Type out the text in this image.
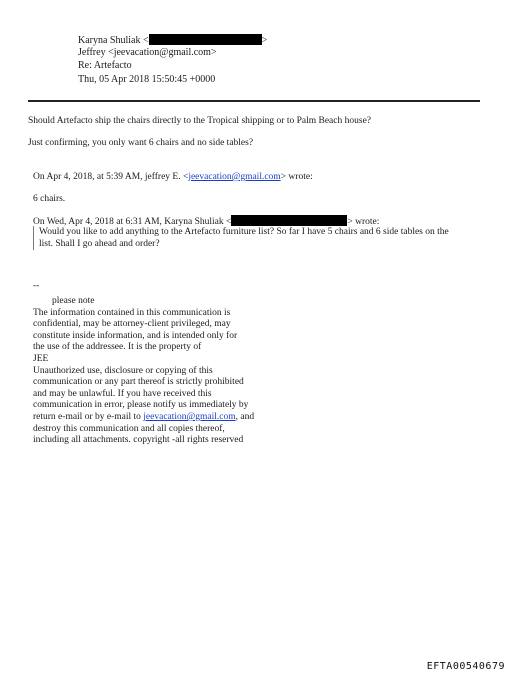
Karyna Shuliak <	>
Jeffrey <jeevacation@gmail.com>
Re: Artefacto
Thu, 05 Apr 2018 15:50:45 +0000
Should Artefacto ship the chairs directly to the Tropical shipping or to Palm Beach house?
Just confirming, you only want 6 chairs and no side tables?
On Apr 4, 2018, at 5:39 AM, jeffrey E. <jeevacation@gmail.com> wrote:
6 chairs.
On Wed, Apr 4, 2018 at 6:31 AM, Karyna Shuliak <	> wrote:
Would you like to add anything to the Artefacto furniture list? So far I have 5 chairs and 6 side tables on the
list. Shall I go ahead and order?
--
please note
The information contained in this communication is
confidential, may be attorney-client privileged, may
constitute inside information, and is intended only for
the use of the addressee. It is the property of
JEE
Unauthorized use, disclosure or copying of this
communication or any part thereof is strictly prohibited
and may be unlawful. If you have received this
communication in error, please notify us immediately by
return e-mail or by e-mail to jeevacation@gmail.com, and
destroy this communication and all copies thereof,
including all attachments. copyright -all rights reserved
EFTA00540679
